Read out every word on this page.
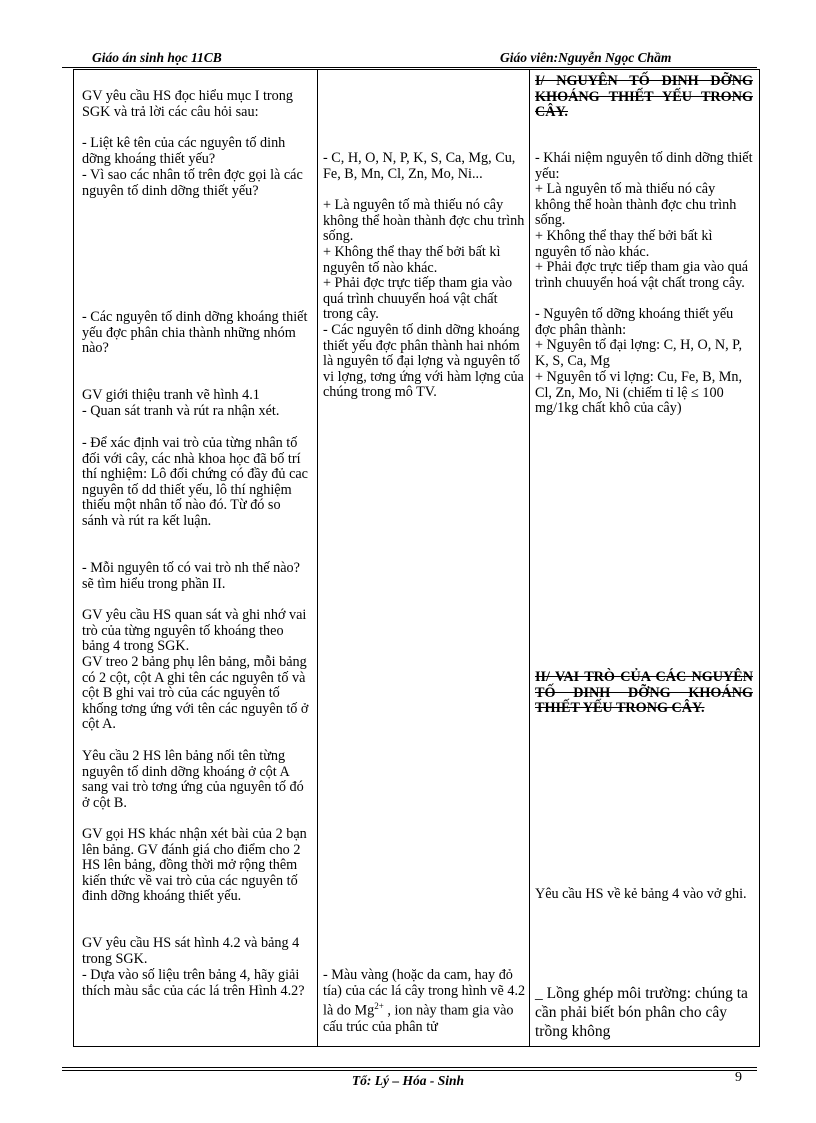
Giáo án sinh học 11CB	Giáo viên:Nguyễn Ngọc Chầm
GV yêu cầu HS đọc hiểu mục I trong SGK và trả lời các câu hỏi sau:
- Liệt kê tên của các nguyên tố dinh dỡng khoáng thiết yếu?
- Vì sao các nhân tố trên đợc gọi là các nguyên tố dinh dỡng thiết yếu?
- Các nguyên tố dinh dỡng khoáng thiết yếu đợc phân chia thành những nhóm nào?
GV giới thiệu tranh vẽ hình 4.1
- Quan sát tranh và rút ra nhận xét.
- Để xác định vai trò của từng nhân tố đối với cây, các nhà khoa học đã bố trí thí nghiệm: Lô đối chứng có đầy đủ cac nguyên tố dd thiết yếu, lô thí nghiệm thiếu một nhân tố nào đó. Từ đó so sánh và rút ra kết luận.
- Mỗi nguyên tố có vai trò nh thế nào? sẽ tìm hiểu trong phần II.
GV yêu cầu HS quan sát và ghi nhớ vai trò của từng nguyên tố khoáng theo bảng 4 trong SGK.
GV treo 2 bảng phụ lên bảng, mỗi bảng có 2 cột, cột A ghi tên các nguyên tố và cột B ghi vai trò của các nguyên tố khống tơng ứng với tên các nguyên tố ở cột A.
Yêu cầu 2 HS lên bảng nối tên từng nguyên tố dinh dỡng khoáng ở cột A sang vai trò tơng ứng của nguyên tố đó ở cột B.
GV gọi HS khác nhận xét bài của 2 bạn lên bảng. GV đánh giá cho điểm cho 2 HS lên bảng, đồng thời mở rộng thêm kiến thức về vai trò của các nguyên tố đinh dỡng khoáng thiết yếu.
GV yêu cầu HS sát hình 4.2 và bảng 4 trong SGK.
- Dựa vào số liệu trên bảng 4, hãy giải thích màu sắc của các lá trên Hình 4.2?
- C, H, O, N, P, K, S, Ca, Mg, Cu, Fe, B, Mn, Cl, Zn, Mo, Ni...
+ Là nguyên tố mà thiếu nó cây không thể hoàn thành đợc chu trình sống.
+ Không thể thay thế bởi bất kì nguyên tố nào khác.
+ Phải đợc trực tiếp tham gia vào quá trình chuuyển hoá vật chất trong cây.
- Các nguyên tố dinh dỡng khoáng thiết yếu đợc phân thành hai nhóm là nguyên tố đại lợng và nguyên tố vi lợng, tơng ứng với hàm lợng của chúng trong mô TV.
- Màu vàng (hoặc da cam, hay đỏ tía) của các lá cây trong hình vẽ 4.2 là do $Mg^{2+}$ , ion này tham gia vào cấu trúc của phân tử
I/ NGUYÊN TỐ DINH DỠNG KHOÁNG THIẾT YẾU TRONG CÂY.
- Khái niệm nguyên tố dinh dỡng thiết yếu:
+ Là nguyên tố mà thiếu nó cây không thể hoàn thành đợc chu trình sống.
+ Không thể thay thế bởi bất kì nguyên tố nào khác.
+ Phải đợc trực tiếp tham gia vào quá trình chuuyển hoá vật chất trong cây.
- Nguyên tố dỡng khoáng thiết yếu đợc phân thành:
+ Nguyên tố đại lợng: C, H, O, N, P, K, S, Ca, Mg
+ Nguyên tố vi lợng: Cu, Fe, B, Mn, Cl, Zn, Mo, Ni (chiếm tỉ lệ ≤ 100 mg/1kg chất khô của cây)
II/ VAI TRÒ CỦA CÁC NGUYÊN TỐ DINH DỠNG KHOÁNG THIẾT YẾU TRONG CÂY.
Yêu cầu HS về kẻ bảng 4 vào vở ghi.
_ Lồng ghép môi trường: chúng ta cần phải biết bón phân cho cây trồng không
Tổ: Lý – Hóa - Sinh	9
